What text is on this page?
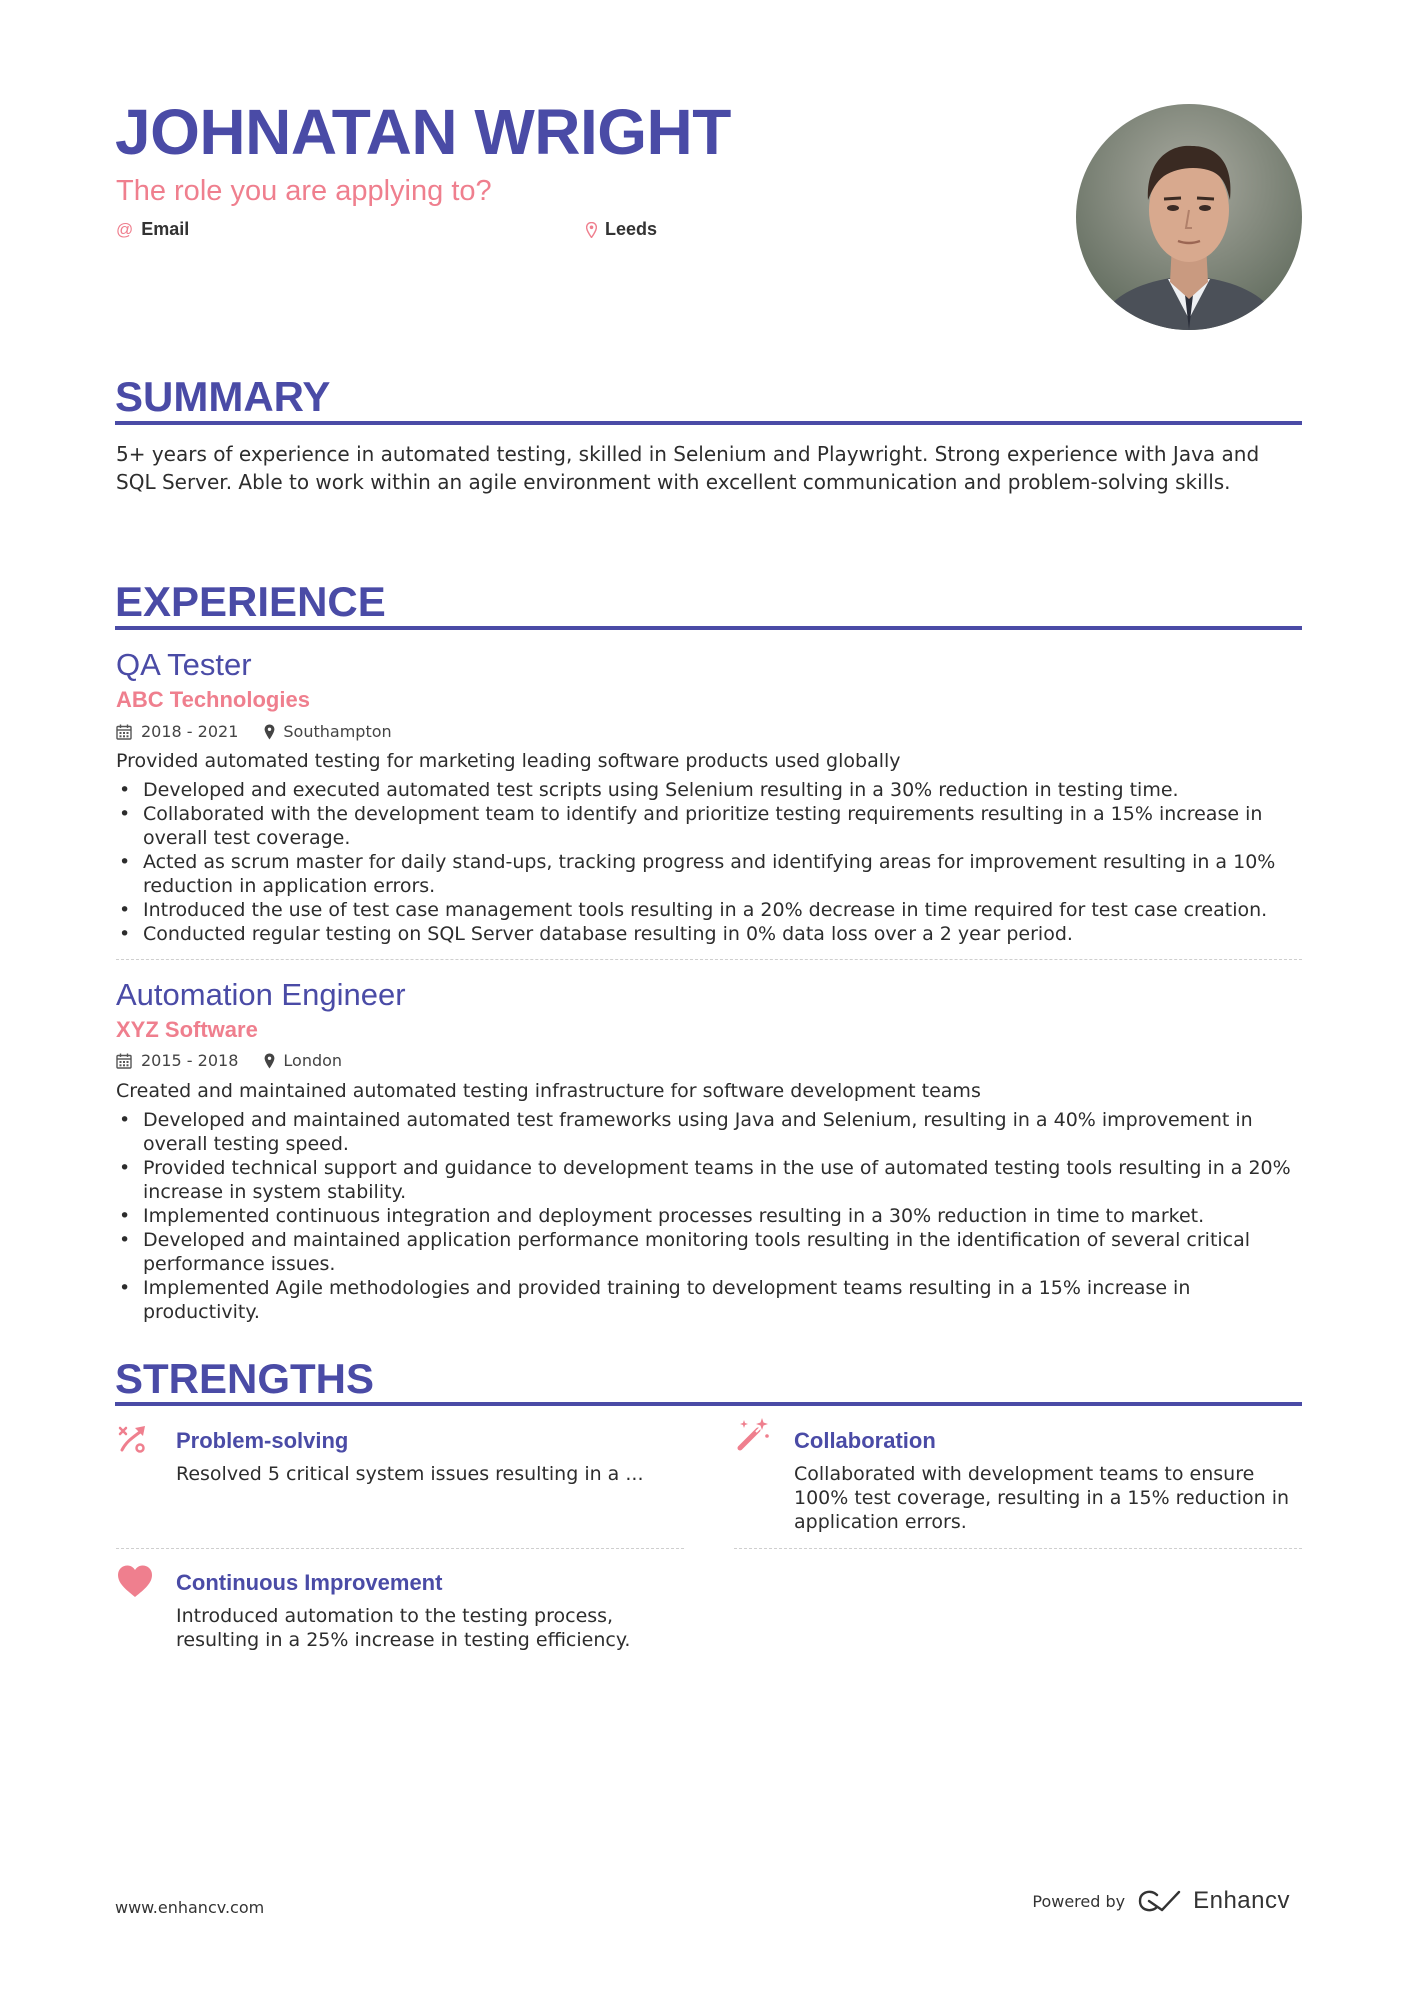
JOHNATAN WRIGHT
The role you are applying to?
@ Email	Leeds
SUMMARY
5+ years of experience in automated testing, skilled in Selenium and Playwright. Strong experience with Java and SQL Server. Able to work within an agile environment with excellent communication and problem-solving skills.
EXPERIENCE
QA Tester
ABC Technologies
2018 - 2021	Southampton
Provided automated testing for marketing leading software products used globally
• Developed and executed automated test scripts using Selenium resulting in a 30% reduction in testing time.
• Collaborated with the development team to identify and prioritize testing requirements resulting in a 15% increase in overall test coverage.
• Acted as scrum master for daily stand-ups, tracking progress and identifying areas for improvement resulting in a 10% reduction in application errors.
• Introduced the use of test case management tools resulting in a 20% decrease in time required for test case creation.
• Conducted regular testing on SQL Server database resulting in 0% data loss over a 2 year period.
Automation Engineer
XYZ Software
2015 - 2018	London
Created and maintained automated testing infrastructure for software development teams
• Developed and maintained automated test frameworks using Java and Selenium, resulting in a 40% improvement in overall testing speed.
• Provided technical support and guidance to development teams in the use of automated testing tools resulting in a 20% increase in system stability.
• Implemented continuous integration and deployment processes resulting in a 30% reduction in time to market.
• Developed and maintained application performance monitoring tools resulting in the identification of several critical performance issues.
• Implemented Agile methodologies and provided training to development teams resulting in a 15% increase in productivity.
STRENGTHS
Problem-solving
Resolved 5 critical system issues resulting in a ...
Collaboration
Collaborated with development teams to ensure 100% test coverage, resulting in a 15% reduction in application errors.
Continuous Improvement
Introduced automation to the testing process, resulting in a 25% increase in testing efficiency.
www.enhancv.com	Powered by	Enhancv
